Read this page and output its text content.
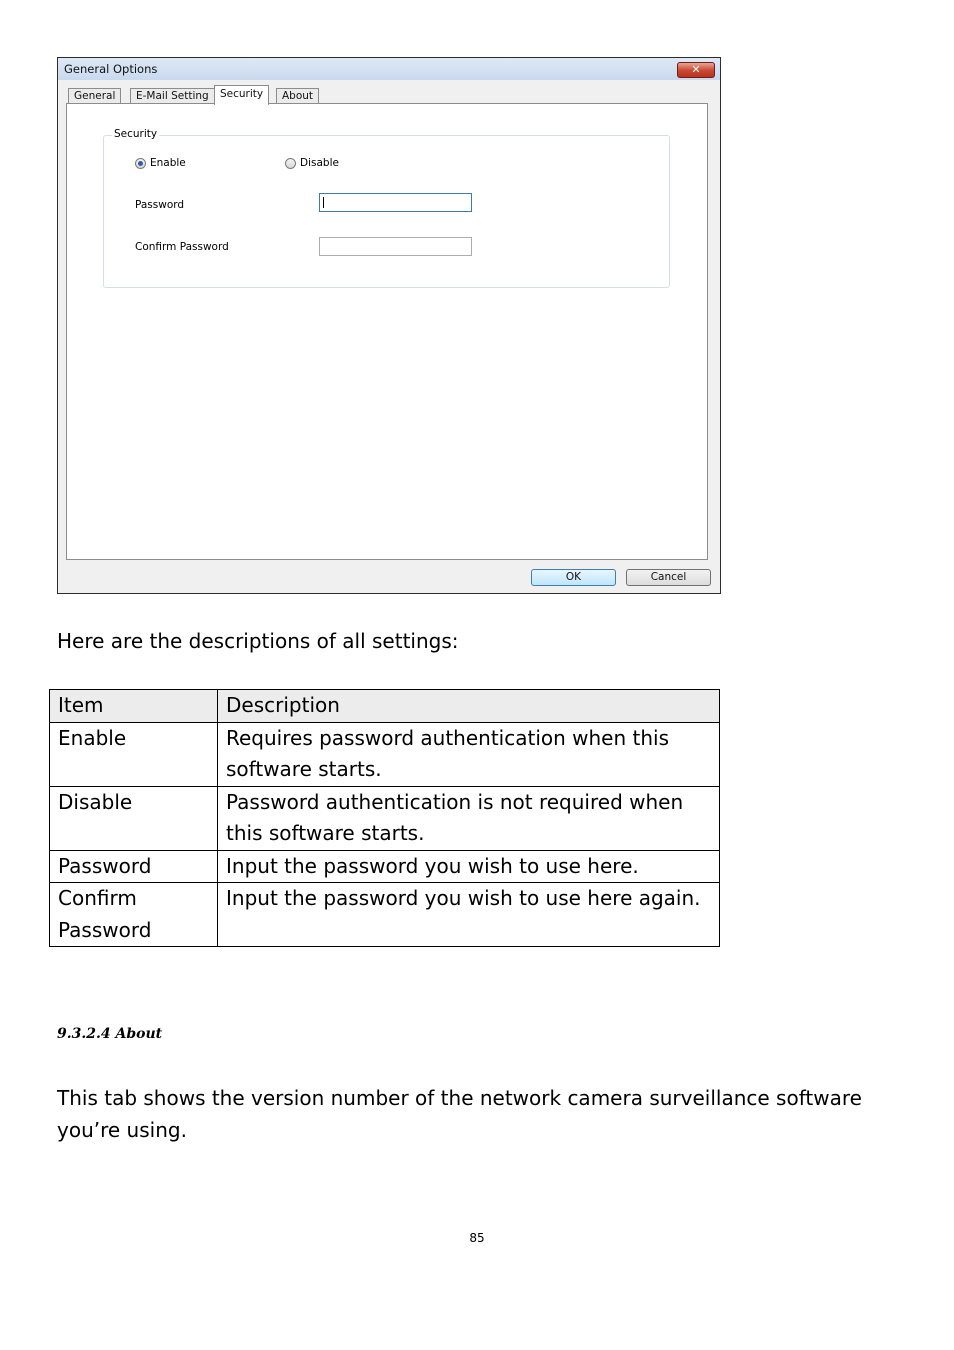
General Options	✕
General	E-Mail Setting	Security	About
Security
Enable	Disable
Password
Confirm Password
OK	Cancel
Here are the descriptions of all settings:
Item	Description
Enable	Requires password authentication when this software starts.
Disable	Password authentication is not required when this software starts.
Password	Input the password you wish to use here.
Confirm Password	Input the password you wish to use here again.
9.3.2.4 About
This tab shows the version number of the network camera surveillance software you’re using.
85
